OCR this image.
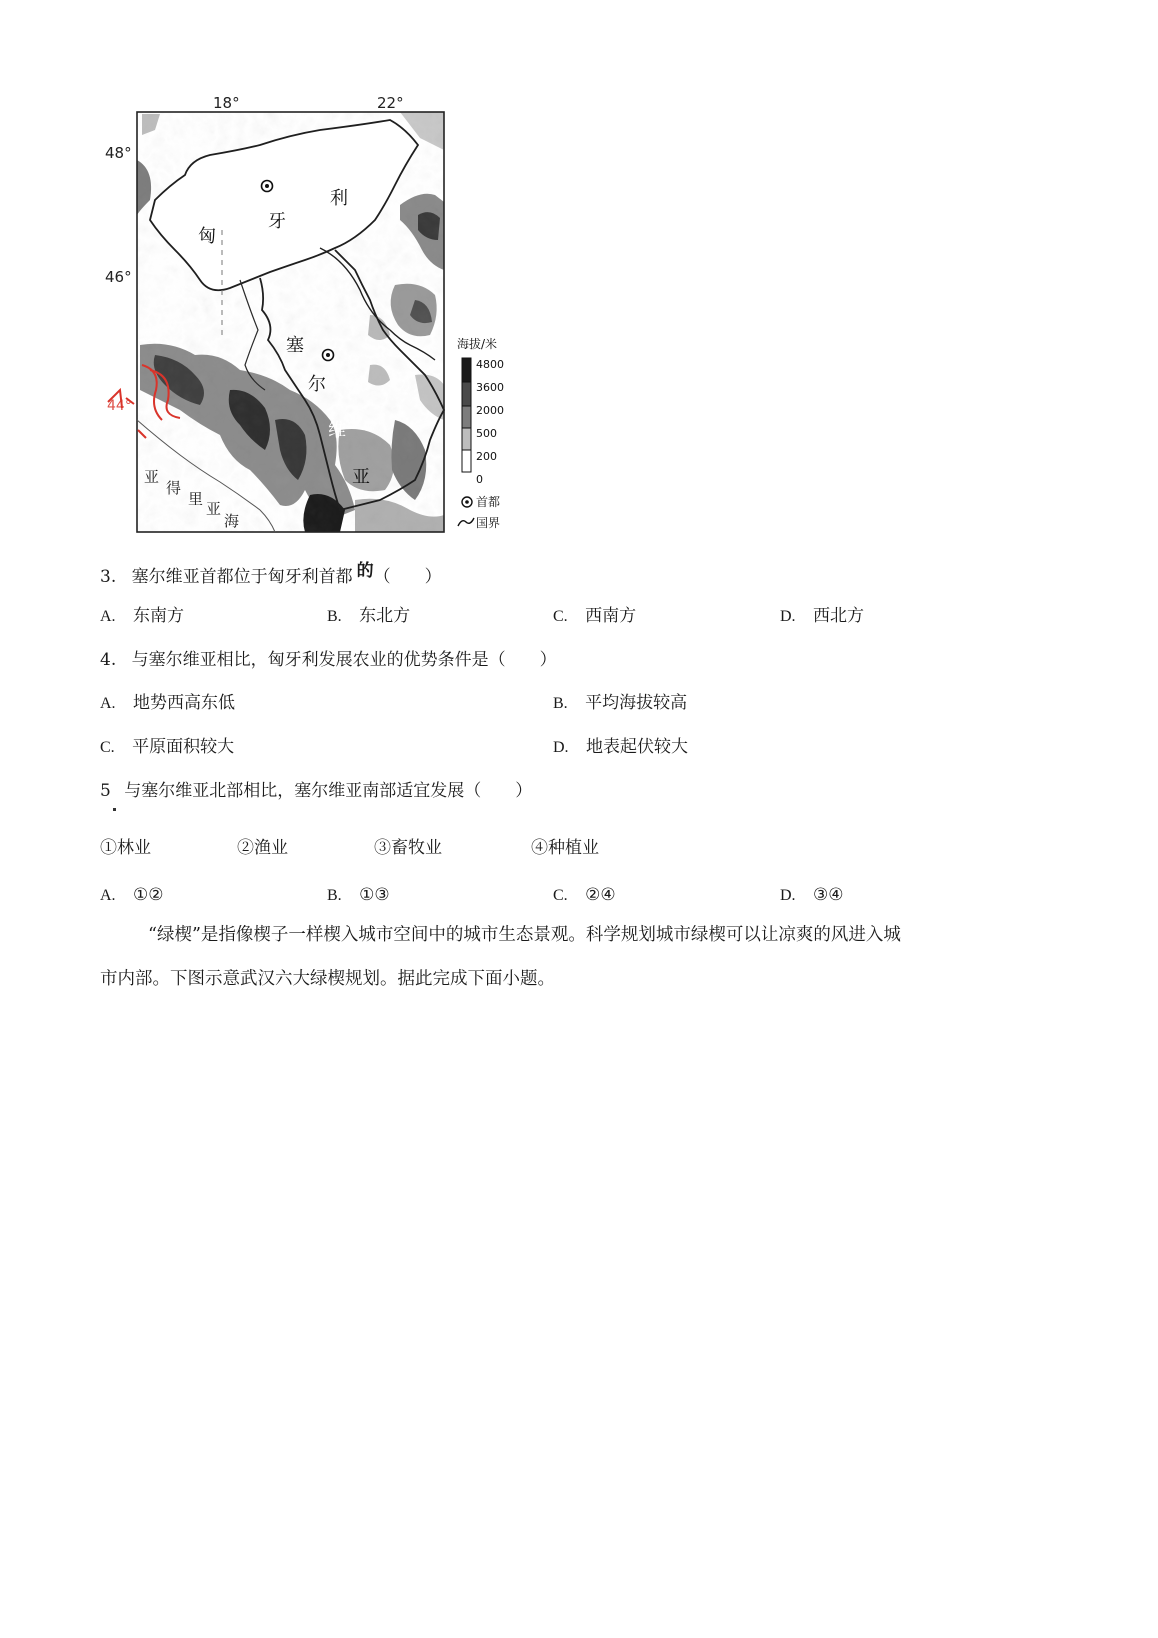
18°	22°
48°
46°
44°
匈
牙
利
塞
尔
维
亚
亚
得
里
亚
海
海拔/米
4800
3600
2000
500
200
0
首都
国界
3. 塞尔维亚首都位于匈牙利首都 的（　　）
A. 东南方	B. 东北方	C. 西南方	D. 西北方
4. 与塞尔维亚相比，匈牙利发展农业的优势条件是（　　）
A. 地势西高东低	B. 平均海拔较高
C. 平原面积较大	D. 地表起伏较大
5 与塞尔维亚北部相比，塞尔维亚南部适宜发展（　　）
①林业	②渔业	③畜牧业	④种植业
A. ①②	B. ①③	C. ②④	D. ③④
“绿楔”是指像楔子一样楔入城市空间中的城市生态景观。科学规划城市绿楔可以让凉爽的风进入城
市内部。下图示意武汉六大绿楔规划。据此完成下面小题。
